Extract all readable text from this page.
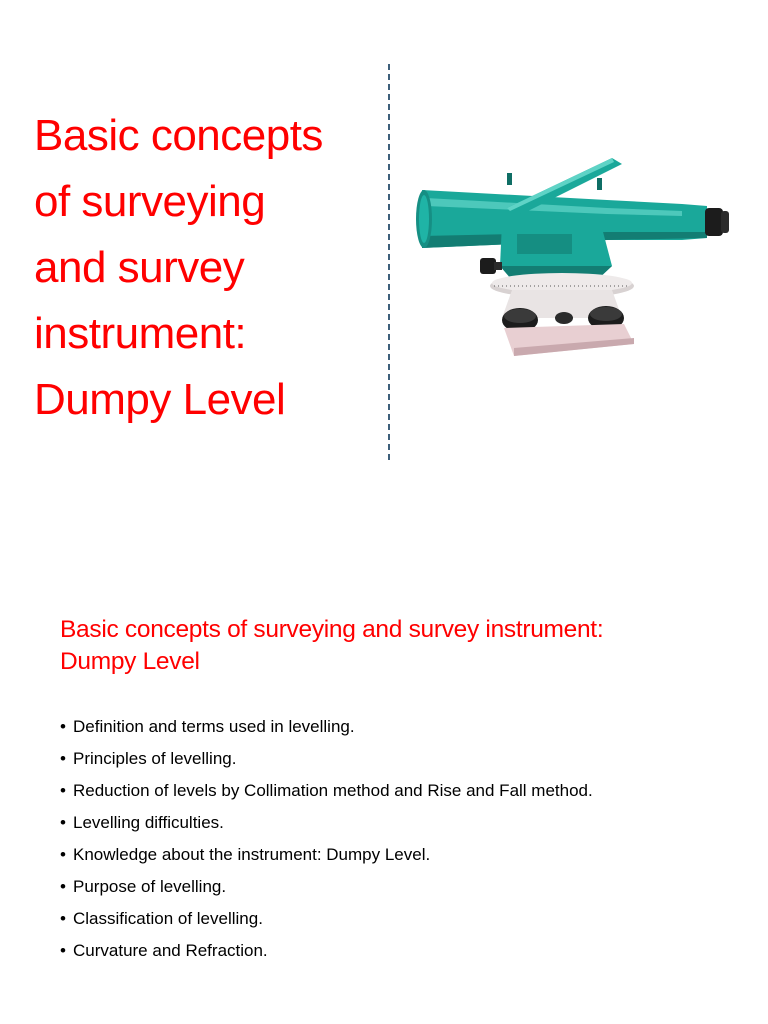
Basic concepts
of surveying
and survey
instrument:
Dumpy Level
Basic concepts of surveying and survey instrument:
Dumpy Level
• Definition and terms used in levelling.
• Principles of levelling.
• Reduction of levels by Collimation method and Rise and Fall method.
• Levelling difficulties.
• Knowledge about the instrument: Dumpy Level.
• Purpose of levelling.
• Classification of levelling.
• Curvature and Refraction.
